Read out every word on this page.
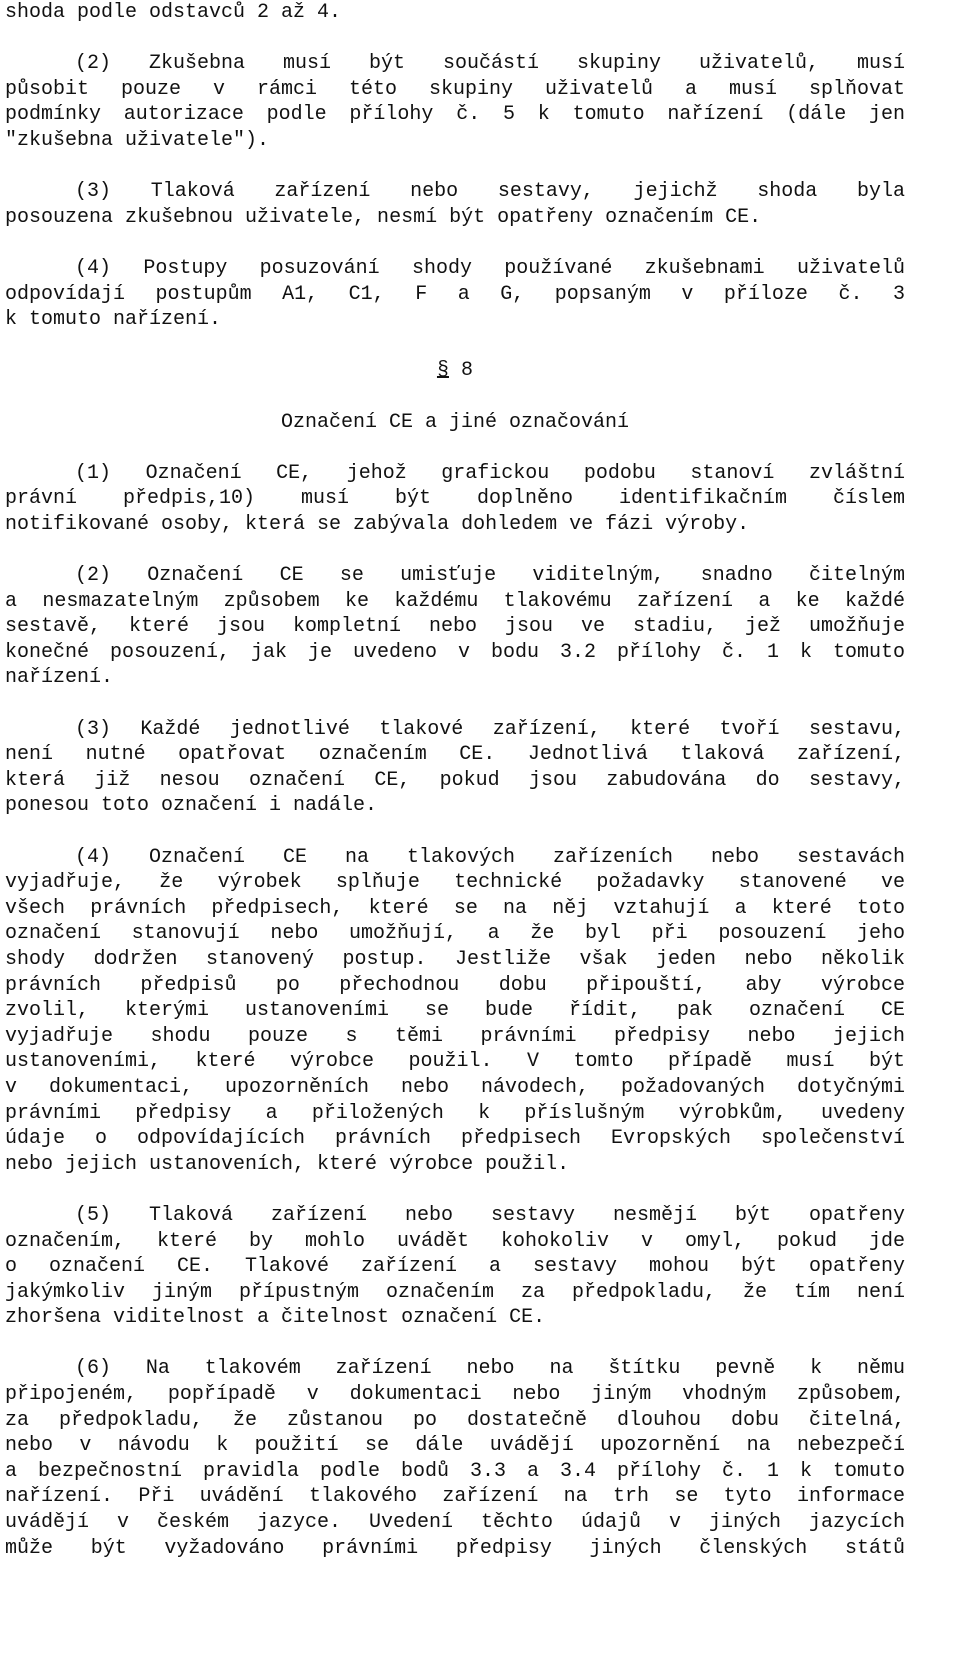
shoda podle odstavců 2 až 4.
(2) Zkušebna musí být součástí skupiny uživatelů, musí
působit pouze v rámci této skupiny uživatelů a musí splňovat
podmínky autorizace podle přílohy č. 5 k tomuto nařízení (dále jen
"zkušebna uživatele").
(3) Tlaková zařízení nebo sestavy, jejichž shoda byla
posouzena zkušebnou uživatele, nesmí být opatřeny označením CE.
(4) Postupy posuzování shody používané zkušebnami uživatelů
odpovídají postupům A1, C1, F a G, popsaným v příloze č. 3
k tomuto nařízení.
§ 8
Označení CE a jiné označování
(1) Označení CE, jehož grafickou podobu stanoví zvláštní
právní předpis,10) musí být doplněno identifikačním číslem
notifikované osoby, která se zabývala dohledem ve fázi výroby.
(2) Označení CE se umisťuje viditelným, snadno čitelným
a nesmazatelným způsobem ke každému tlakovému zařízení a ke každé
sestavě, které jsou kompletní nebo jsou ve stadiu, jež umožňuje
konečné posouzení, jak je uvedeno v bodu 3.2 přílohy č. 1 k tomuto
nařízení.
(3) Každé jednotlivé tlakové zařízení, které tvoří sestavu,
není nutné opatřovat označením CE. Jednotlivá tlaková zařízení,
která již nesou označení CE, pokud jsou zabudována do sestavy,
ponesou toto označení i nadále.
(4) Označení CE na tlakových zařízeních nebo sestavách
vyjadřuje, že výrobek splňuje technické požadavky stanovené ve
všech právních předpisech, které se na něj vztahují a které toto
označení stanovují nebo umožňují, a že byl při posouzení jeho
shody dodržen stanovený postup. Jestliže však jeden nebo několik
právních předpisů po přechodnou dobu připouští, aby výrobce
zvolil, kterými ustanoveními se bude řídit, pak označení CE
vyjadřuje shodu pouze s těmi právními předpisy nebo jejich
ustanoveními, které výrobce použil. V tomto případě musí být
v dokumentaci, upozorněních nebo návodech, požadovaných dotyčnými
právními předpisy a přiložených k příslušným výrobkům, uvedeny
údaje o odpovídajících právních předpisech Evropských společenství
nebo jejich ustanoveních, které výrobce použil.
(5) Tlaková zařízení nebo sestavy nesmějí být opatřeny
označením, které by mohlo uvádět kohokoliv v omyl, pokud jde
o označení CE. Tlakové zařízení a sestavy mohou být opatřeny
jakýmkoliv jiným přípustným označením za předpokladu, že tím není
zhoršena viditelnost a čitelnost označení CE.
(6) Na tlakovém zařízení nebo na štítku pevně k němu
připojeném, popřípadě v dokumentaci nebo jiným vhodným způsobem,
za předpokladu, že zůstanou po dostatečně dlouhou dobu čitelná,
nebo v návodu k použití se dále uvádějí upozornění na nebezpečí
a bezpečnostní pravidla podle bodů 3.3 a 3.4 přílohy č. 1 k tomuto
nařízení. Při uvádění tlakového zařízení na trh se tyto informace
uvádějí v českém jazyce. Uvedení těchto údajů v jiných jazycích
může být vyžadováno právními předpisy jiných členských států
